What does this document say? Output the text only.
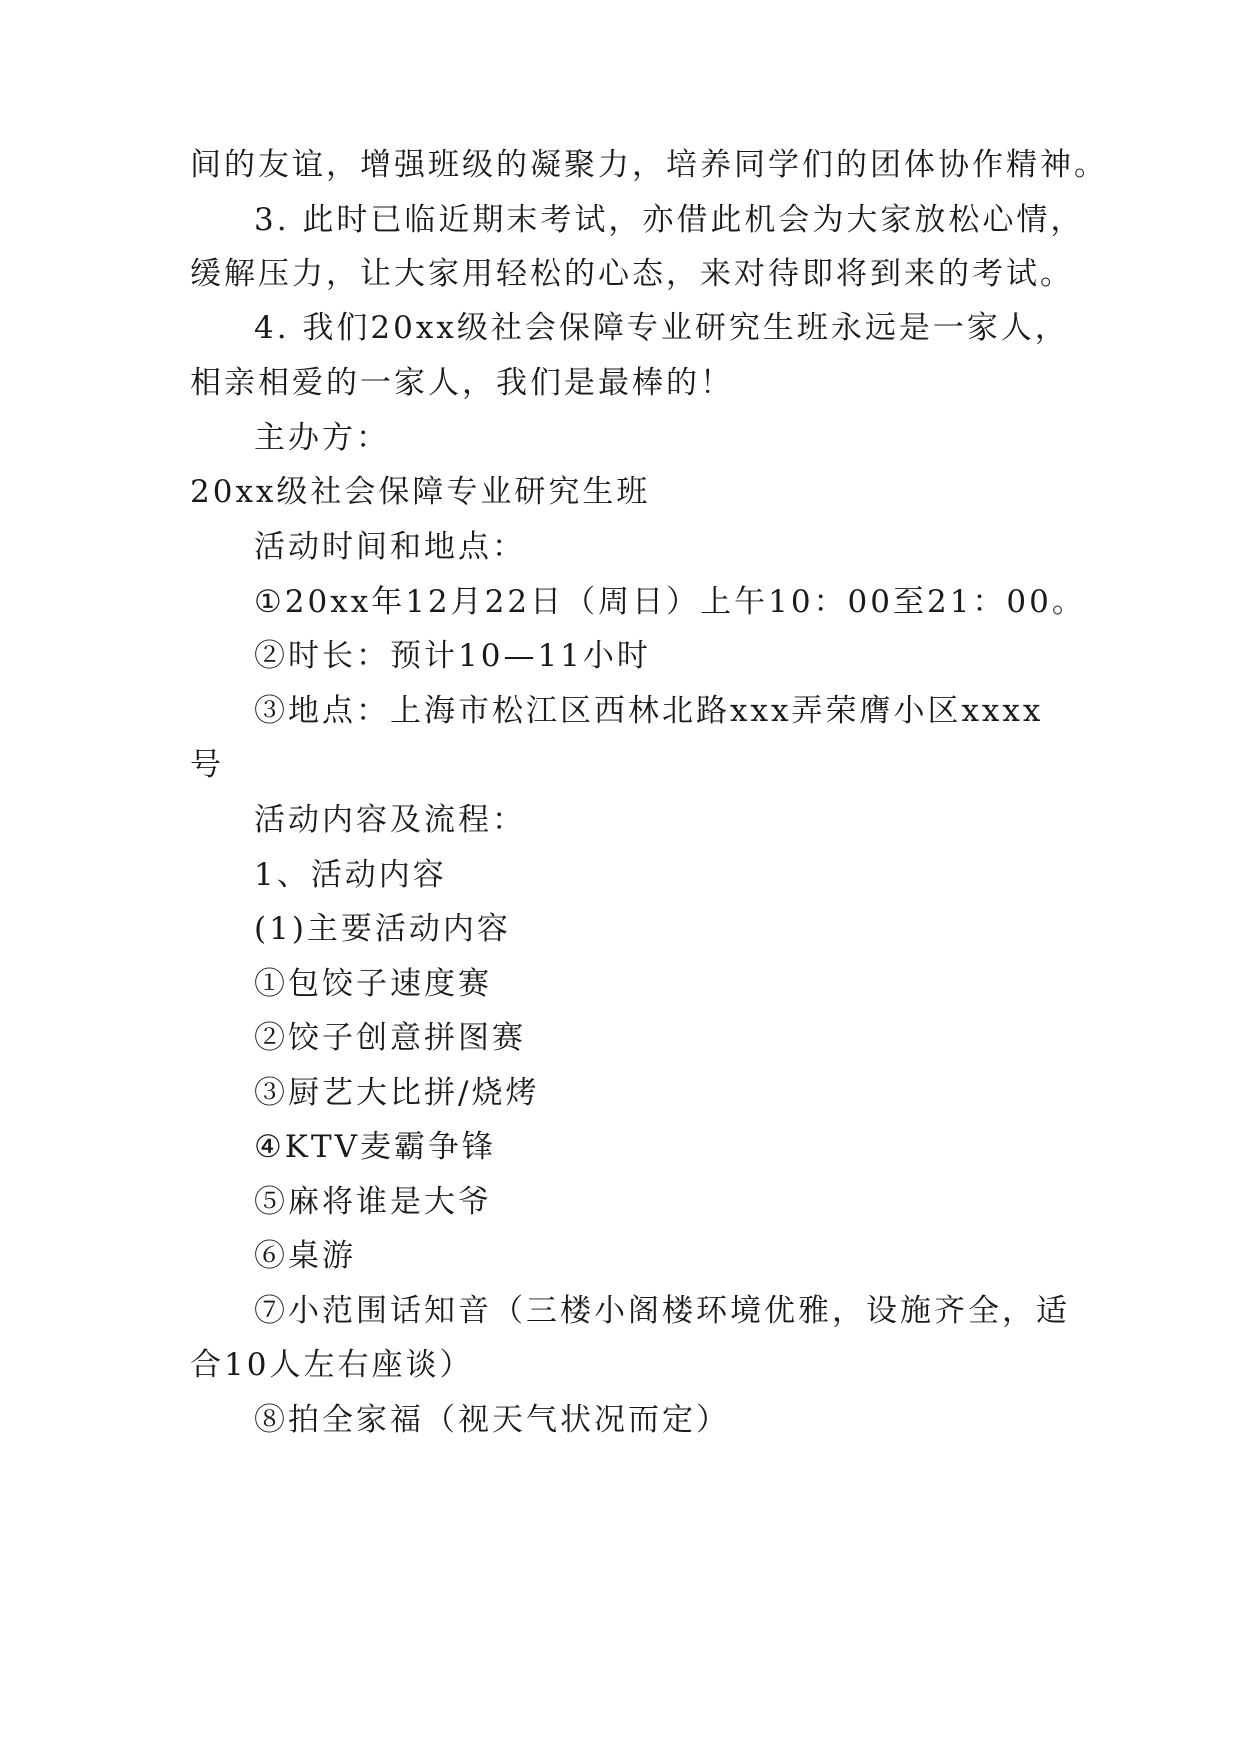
间的友谊，增强班级的凝聚力，培养同学们的团体协作精神。
3. 此时已临近期末考试，亦借此机会为大家放松心情，
缓解压力，让大家用轻松的心态，来对待即将到来的考试。
4. 我们20xx级社会保障专业研究生班永远是一家人，
相亲相爱的一家人，我们是最棒的！
主办方：
20xx级社会保障专业研究生班
活动时间和地点：
①20xx年12月22日（周日）上午10：00至21：00。
②时长：预计10—11小时
③地点：上海市松江区西林北路xxx弄荣膺小区xxxx
号
活动内容及流程：
1、活动内容
(1)主要活动内容
①包饺子速度赛
②饺子创意拼图赛
③厨艺大比拼/烧烤
④KTV麦霸争锋
⑤麻将谁是大爷
⑥桌游
⑦小范围话知音（三楼小阁楼环境优雅，设施齐全，适
合10人左右座谈）
⑧拍全家福（视天气状况而定）
